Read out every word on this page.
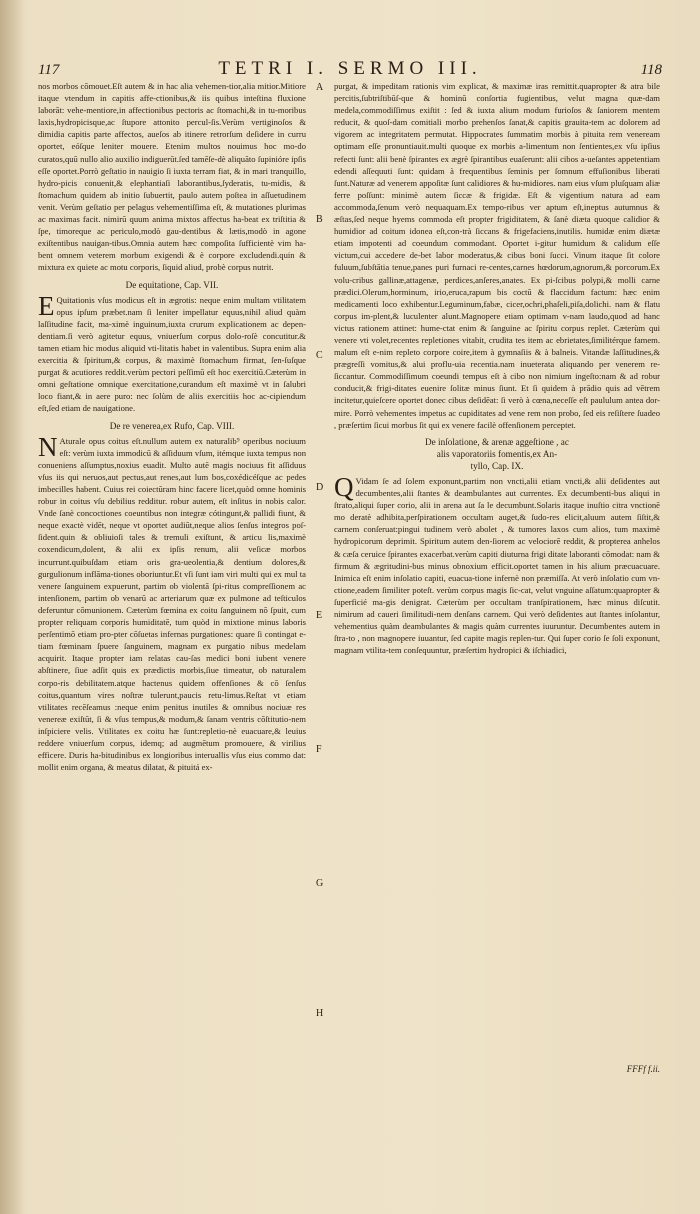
117	TETRI I. SERMO III.	118

nos morbos cōmouet.Eſt autem & in hac alia vehemen-tior,alia mitior.Mitiore itaque vtendum in capitis affe-ctionibus,& iis quibus inteſtina fluxione laborāt: vehe-mentiore,in affectionibus pectoris ac ſtomachi,& in tu-moribus laxis,hydropicisque,ac ſtupore attonito percul-ſis.Verùm vertiginoſos & dimidia capitis parte affectos, aueſos ab itinere retrorſum deſidere in curru oportet, eóſque leniter mouere. Etenim multos nouimus hoc mo-do curatos,quū nullo alio auxilio indiguerūt.ſed tamēſe-dè aliquãto ſupinióre ipſis eſſe oportet.Porrò geſtatio in nauigio ſi iuxta terram fiat, & in mari tranquillo, hydro-picis conuenit,& elephantiaſi laborantibus,ſyderatis, tu-midis, & ſtomachum quidem ab initio ſubuertit, paulo autem poſtea in aſſuetudinem venit. Verùm geſtatio per pelagus vehementiſſima eſt, & mutationes plurimas ac maximas facit. nimirū quum anima mixtos affectus ha-beat ex triſtitia & ſpe, timoreque ac periculo,modò gau-dentibus & lætis,modò in agone exiſtentibus nauigan-tibus.Omnia autem hæc compoſita ſufficientè vim ha-bent omnem veterem morbum exigendi & è corpore excludendi.quin & mixtura ex quiete ac motu corporis, ſiquid aliud, probè corpus nutrit.

De equitatione, Cap. VII.

E Quitationis vſus modicus eſt in ægrotis: neque enim multam vtilitatem opus ipſum præbet.nam ſi leniter impellatur equus,nihil aliud quàm laſſitudine facit, ma-ximè inguinum,iuxta crurum explicationem ac depen-dentiam.ſi verò agitetur equus, vniuerſum corpus dolo-roſè concutitur.& tamen etiam hic modus aliquid vti-litatis habet in valentibus. Supra enim alia exercitia & ſpiritum,& corpus, & maximè ſtomachum firmat, ſen-ſuſque purgat & acutiores reddit.verùm pectori peſſimū eſt hoc exercitiū.Cæterùm in omni geſtatione omnique exercitatione,curandum eſt maximè vt in ſalubri loco fiant,& in aere puro: nec ſolùm de aliis exercitiis hoc ac-cipiendum eſt,ſed etiam de nauigatione.

De re venerea,ex Rufo, Cap. VIII.

N Aturale opus coitus eſt.nullum autem ex naturalib⁹ operibus nociuum eſt: verùm iuxta immodicū & aſſiduum vſum, itémque iuxta tempus non conueniens aſſumptus,noxius euadit. Multo autē magis nociuus fit aſſiduus vſus iis qui neruos,aut pectus,aut renes,aut lum bos,coxédicéſque ac pedes imbecilles habent. Cuius rei coiectūram hinc facere licet,quòd omne hominis robur in coitus vſu debilius redditur. robur autem, eſt inſitus in nobis calor. Vnde ſanè concoctiones coeuntibus non integræ cótingunt,& pallidi fiunt, & neque exactè vidēt, neque vt oportet audiūt,neque alios ſenſus integros poſ-ſident.quin & obliuioſi tales & tremuli exiſtunt, & articu lis,maximè coxendicum,dolent, & alii ex ipſis renum, alii veſicæ morbos incurrunt.quibuſdam etiam oris gra-ueolentia,& dentium dolores,& gurgulionum inflāma-tiones oboriuntur.Et vſi ſunt iam viri multi qui ex mul ta venere ſanguinem expuerunt, partim ob violentā ſpi-ritus compreſſionem ac intenſionem, partim ob venarū ac arteriarum quæ ex pulmone ad teſticulos deferuntur cōmunionem. Cæterùm fœmina ex coitu ſanguinem nō ſpuit, cum propter reliquam corporis humiditatē, tum quòd in mixtione minus laboris perſentimō etiam pro-pter cōſuetas infernas purgationes: quare ſi contingat e-tiam fœminam ſpuere ſanguinem, magnam ex purgatio nibus medelam acquirit. Itaque propter iam relatas cau-ſas medici boni iubent venere abſtinere, ſiue adſit quis ex prædictis morbis,ſiue timeatur, ob naturalem corpo-ris debilitatem.atque hactenus quidem offenſiones & cō ſenſus coitus,quantum vires noſtræ tulerunt,paucis retu-limus.Reſtat vt etiam vtilitates recēſeamus :neque enim penitus inutiles & omnibus nociuæ res venereæ exiſtūt, ſi & vſus tempus,& modum,& ſanam ventris cōſtitutio-nem inſpiciere velis. Vtilitates ex coitu hæ ſunt:repletio-nè euacuare,& leuius reddere vniuerſum corpus, idemq; ad augmētum promouere, & virilius efficere. Duris ha-bitudinibus ex longioribus interuallis vſus eius commo dat: mollit enim organa, & meatus dilatat, & pituitá ex-

A
B
C
D
E
F
G
H

purgat, & impeditam rationis vim explicat, & maximæ iras remittit.quapropter & atra bile percitis,ſubtriſtibūſ-que & hominū conſortia fugientibus, velut magna quæ-dam medela,commodiſſimus exiſtit : ſed & iuxta alium modum furioſos & ſaniorem mentem reducit, & quoſ-dam comitiali morbo prehenſos ſanat,& capitis grauita-tem ac dolorem ad vigorem ac integritatem permutat. Hippocrates ſummatim morbis à pituita rem veneream optimam eſſe pronuntiauit.multi quoque ex morbis a-limentum non ſentientes,ex vſu ipſius refecti ſunt: alii benè ſpirantes ex ægrè ſpirantibus euaſerunt: alii cibos a-ueſantes appetentiam edendi aſſequuti ſunt: quidam à frequentibus ſeminis per ſomnum effuſionibus liberati ſunt.Naturæ ad venerem appoſitæ ſunt calidiores & hu-midiores. nam eius vſum pluſquam aliæ ferre poſſunt: minimè autem ſiccæ & frigidæ. Eſt & vigentium natura ad eam accommoda,ſenum verò nequaquam.Ex tempo-ribus ver aptum eſt,ineptus autumnus & æſtas,ſed neque hyems commoda eſt propter frigiditatem, & ſanè diæta quoque calidior & humidior ad coitum idonea eſt,con-trà ſiccans & frigefaciens,inutilis. humidæ enim diætæ etiam impotenti ad coeundum commodant. Oportet i-gitur humidum & calidum eſſe victum,cui accedere de-bet labor moderatus,& cibus boni ſucci. Vinum itaque ſit colore fuluum,ſubſtātia tenue,panes puri furnaci re-centes,carnes hœdorum,agnorum,& porcorum.Ex volu-cribus gallinæ,attagenæ, perdices,anſeres,anates. Ex pi-ſcibus polypi,& molli carne prædici.Olerum,horminum, irio,eruca,rapum bis coctū & flaccidum factum: hæc enim medicamenti loco exhibentur.Leguminum,fabæ, cicer,ochri,phaſeli,piſa,dolichi. nam & flatu corpus im-plent,& luculenter alunt.Magnopere etiam optimam v-nam laudo,quod ad hanc victus rationem attinet: hume-ctat enim & ſanguine ac ſpiritu corpus replet. Cæterùm qui venere vti volet,recentes repletiones vitabit, crudita tes item ac ebrietates,ſimilitérque famem. malum eſt e-nim repleto corpore coire,item à gymnaſiis & à balneis. Vitandæ laſſitudines,& prægreſſi vomitus,& alui proflu-uia recentia.nam inueterata aliquando per venerem re-ſiccantur. Commodiſſimum coeundi tempus eſt à cibo non nimium ingeſto:nam & ad robur conducit,& frigi-ditates euenire ſolitæ minus ſiunt. Et ſi quidem à prādio quis ad vētrem incitetur,quieſcere oportet donec cibus deſidēat: ſi verò à cœna,neceſſe eſt paululum antea dor-mire. Porrò vehementes impetus ac cupiditates ad vene rem non probo, ſed eis reſiſtere ſuadeo , præſertim ſicui morbus ſit qui ex venere facilè offenſionem perceptet.

De inſolatione, & arenæ aggeſtione , ac
alis vaporatoriis fomentis,ex An-
tyllo, Cap. IX.

Q Vidam ſe ad ſolem exponunt,partim non vncti,alii etiam vncti,& alii deſidentes aut decumbentes,alii ſtantes & deambulantes aut currentes. Ex decumbenti-bus aliqui in ſtrato,aliqui ſuper corio, alii in arena aut ſa le decumbunt.Solaris itaque inuſtio citra vnctionē mo deratè adhibita,perſpirationem occultam auget,& ſudo-res elicit,aluum autem ſiſtit,& carnem conſeruat:pingui tudinem verò abolet , & tumores laxos cum alios, tum maximè hydropicorum deprimit. Spiritum autem den-ſiorem ac velociorē reddit, & propterea anhelos & cæſa ceruice ſpirantes exacerbat.verùm capiti diuturna frigi ditate laboranti cōmodat: nam & firmum & ægritudini-bus minus obnoxium efficit.oportet tamen in his alium præcuacuare. Inimica eſt enim inſolatio capiti, euacua-tione infernè non præmiſſa. At verò inſolatio cum vn-ctione,eadem ſimiliter poteſt. verùm corpus magis ſic-cat, velut vnguine aſſatum:quapropter & ſuperficié ma-gis denigrat. Cæterùm per occultam tranſpirationem, hæc minus diſcutit. nimirum ad caueri ſimilitudi-nem denſans carnem. Qui verò deſidentes aut ſtantes inſolantur, vehementius quàm deambulantes & magis quàm currentes iuuruntur. Decumbentes autem in ſtra-to , non magnopere iuuantur, ſed capite magis replen-tur. Qui ſuper corio ſe ſoli exponunt, magnam vtilita-tem conſequuntur, præſertim hydropici & iſchiadici,

FFFf f.ii.
